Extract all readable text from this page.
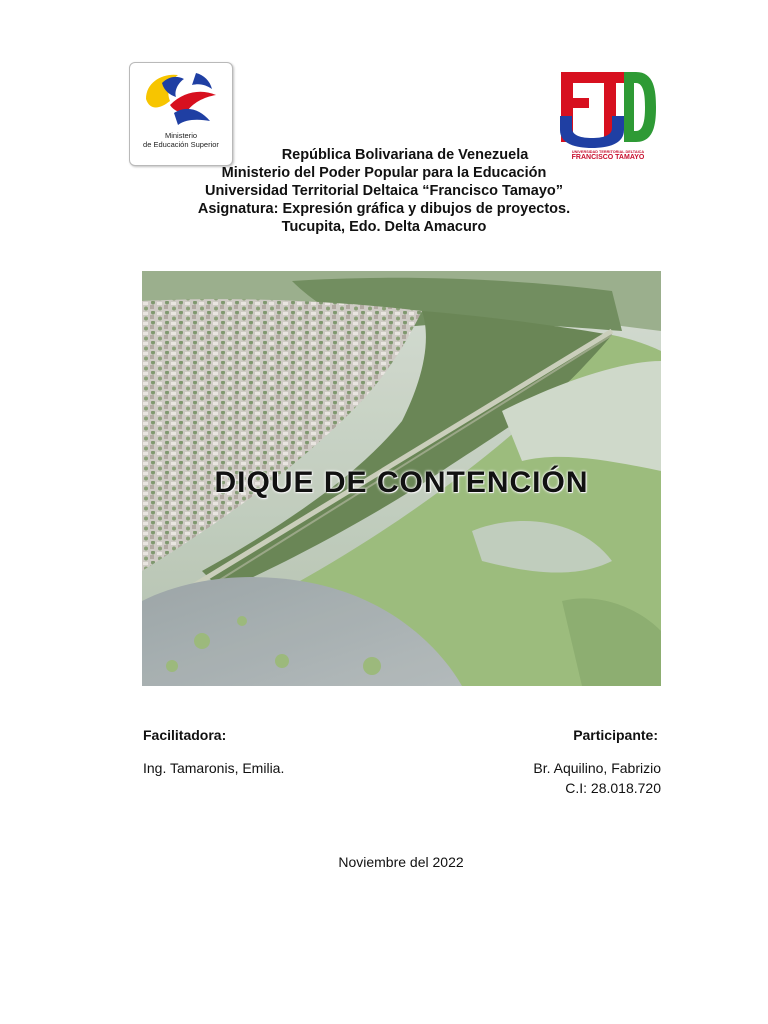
Ministerio
de Educación Superior
UNIVERSIDAD TERRITORIAL DELTAICA
FRANCISCO TAMAYO
República Bolivariana de Venezuela
Ministerio del Poder Popular para la Educación
Universidad Territorial Deltaica “Francisco Tamayo”
Asignatura: Expresión gráfica y dibujos de proyectos.
Tucupita, Edo. Delta Amacuro
DIQUE DE CONTENCIÓN
Facilitadora:
Ing. Tamaronis, Emilia.
Participante:
Br. Aquilino, Fabrizio
C.I: 28.018.720
Noviembre del 2022
